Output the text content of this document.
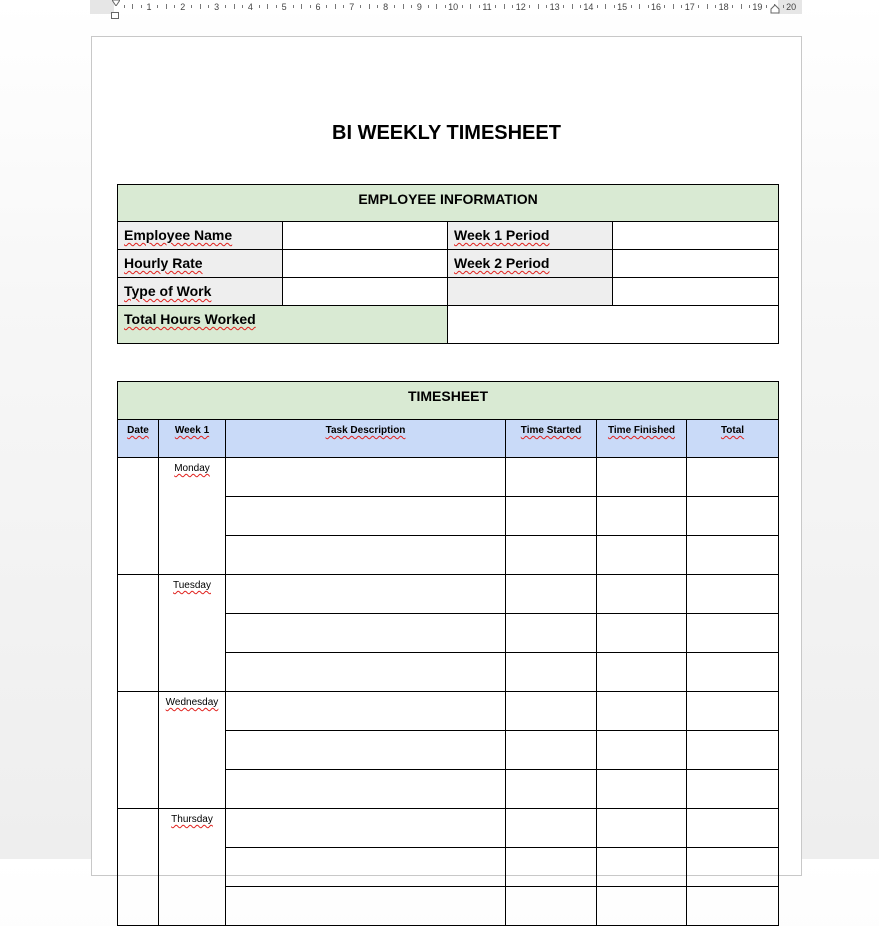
1	2	3	4	5	6	7	8	9	10	11	12	13	14	15	16	17	18	19	20
BI WEEKLY TIMESHEET
EMPLOYEE INFORMATION			
Employee Name		Week 1 Period	
Hourly Rate		Week 2 Period	
Type of Work			
Total Hours Worked			
TIMESHEET					
Date	Week 1	Task Description	Time Started	Time Finished	Total
	Monday				

	Tuesday				

	Wednesday				

	Thursday				
